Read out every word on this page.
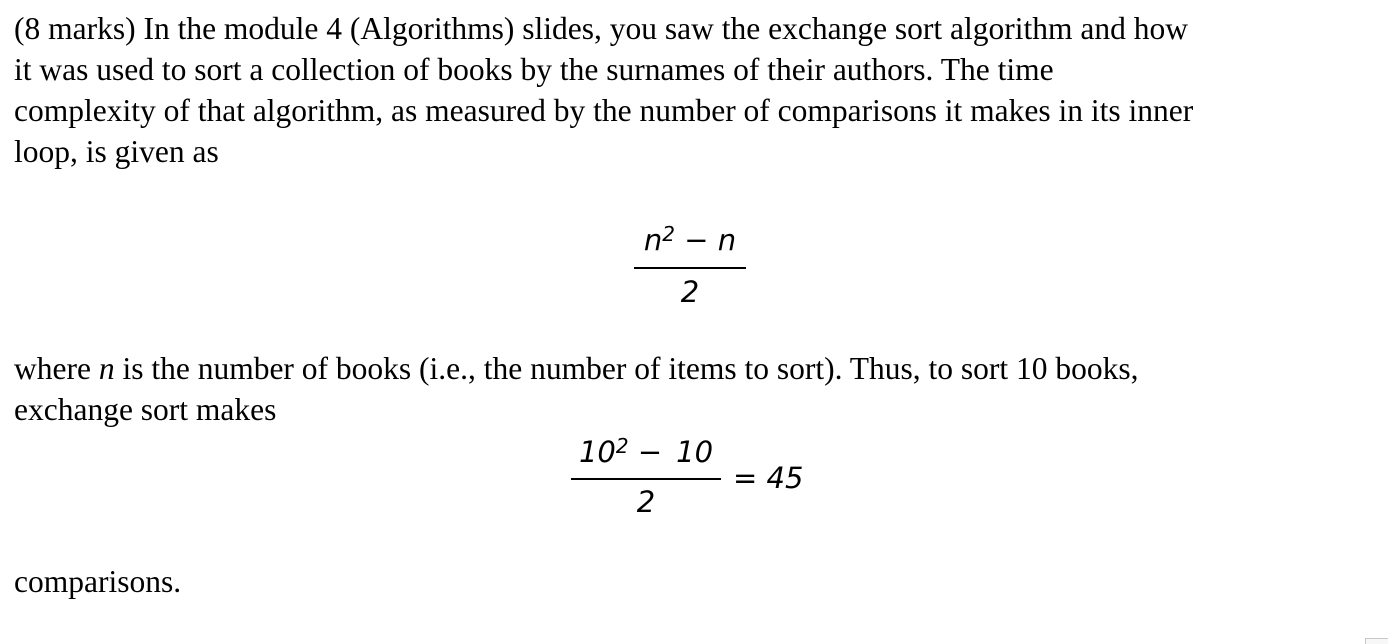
(8 marks) In the module 4 (Algorithms) slides, you saw the exchange sort algorithm and how
it was used to sort a collection of books by the surnames of their authors. The time
complexity of that algorithm, as measured by the number of comparisons it makes in its inner
loop, is given as

$n^2 - n$
2

where n is the number of books (i.e., the number of items to sort). Thus, to sort 10 books,
exchange sort makes

$10^2 - 10$
2
= 45

comparisons.
